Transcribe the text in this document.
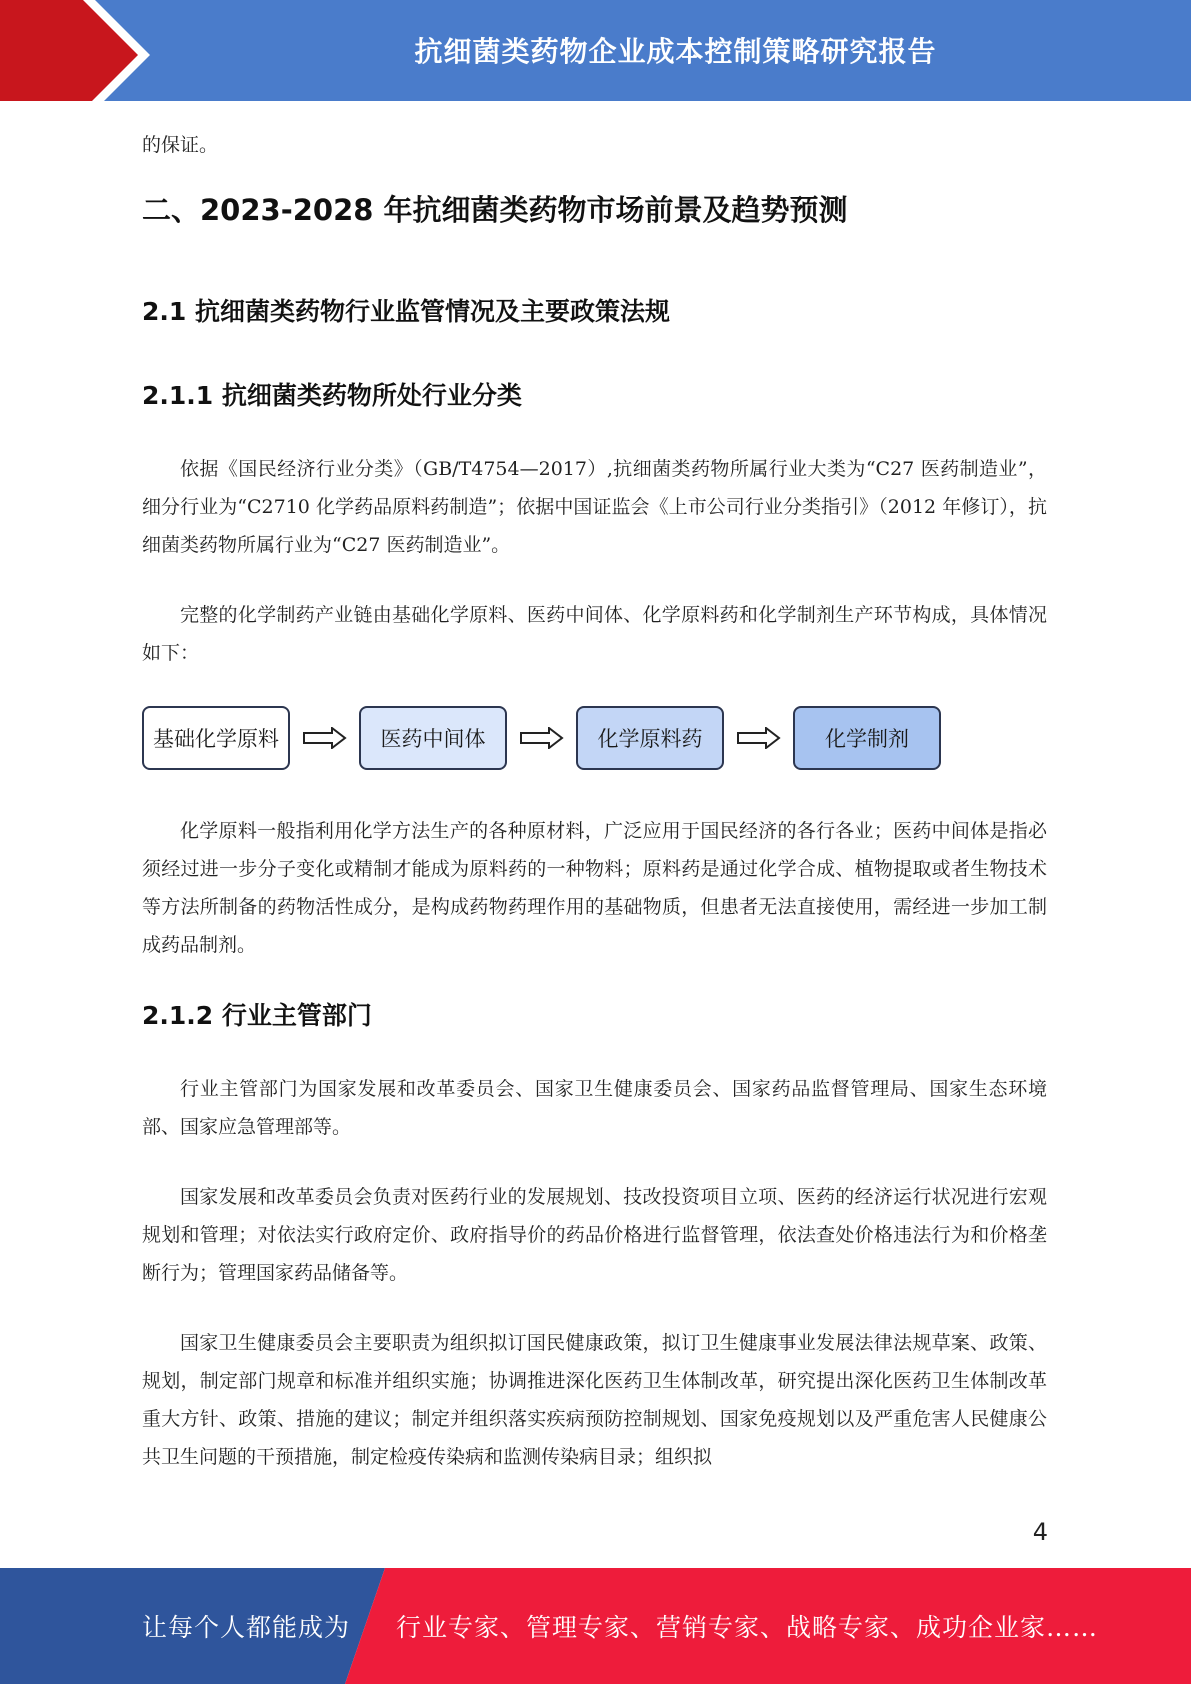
抗细菌类药物企业成本控制策略研究报告
的保证。
二、2023-2028 年抗细菌类药物市场前景及趋势预测
2.1 抗细菌类药物行业监管情况及主要政策法规
2.1.1 抗细菌类药物所处行业分类

依据《国民经济行业分类》（GB/T4754—2017）,抗细菌类药物所属行业大类为“C27 医药制造业”，细分行业为“C2710 化学药品原料药制造”；依据中国证监会《上市公司行业分类指引》（2012 年修订），抗细菌类药物所属行业为“C27 医药制造业”。

完整的化学制药产业链由基础化学原料、医药中间体、化学原料药和化学制剂生产环节构成，具体情况如下：

基础化学原料	医药中间体	化学原料药	化学制剂

化学原料一般指利用化学方法生产的各种原材料，广泛应用于国民经济的各行各业；医药中间体是指必须经过进一步分子变化或精制才能成为原料药的一种物料；原料药是通过化学合成、植物提取或者生物技术等方法所制备的药物活性成分，是构成药物药理作用的基础物质，但患者无法直接使用，需经进一步加工制成药品制剂。

2.1.2 行业主管部门

行业主管部门为国家发展和改革委员会、国家卫生健康委员会、国家药品监督管理局、国家生态环境部、国家应急管理部等。

国家发展和改革委员会负责对医药行业的发展规划、技改投资项目立项、医药的经济运行状况进行宏观规划和管理；对依法实行政府定价、政府指导价的药品价格进行监督管理，依法查处价格违法行为和价格垄断行为；管理国家药品储备等。

国家卫生健康委员会主要职责为组织拟订国民健康政策，拟订卫生健康事业发展法律法规草案、政策、规划，制定部门规章和标准并组织实施；协调推进深化医药卫生体制改革，研究提出深化医药卫生体制改革重大方针、政策、措施的建议；制定并组织落实疾病预防控制规划、国家免疫规划以及严重危害人民健康公共卫生问题的干预措施，制定检疫传染病和监测传染病目录；组织拟

4
让每个人都能成为 行业专家、管理专家、营销专家、战略专家、成功企业家……
